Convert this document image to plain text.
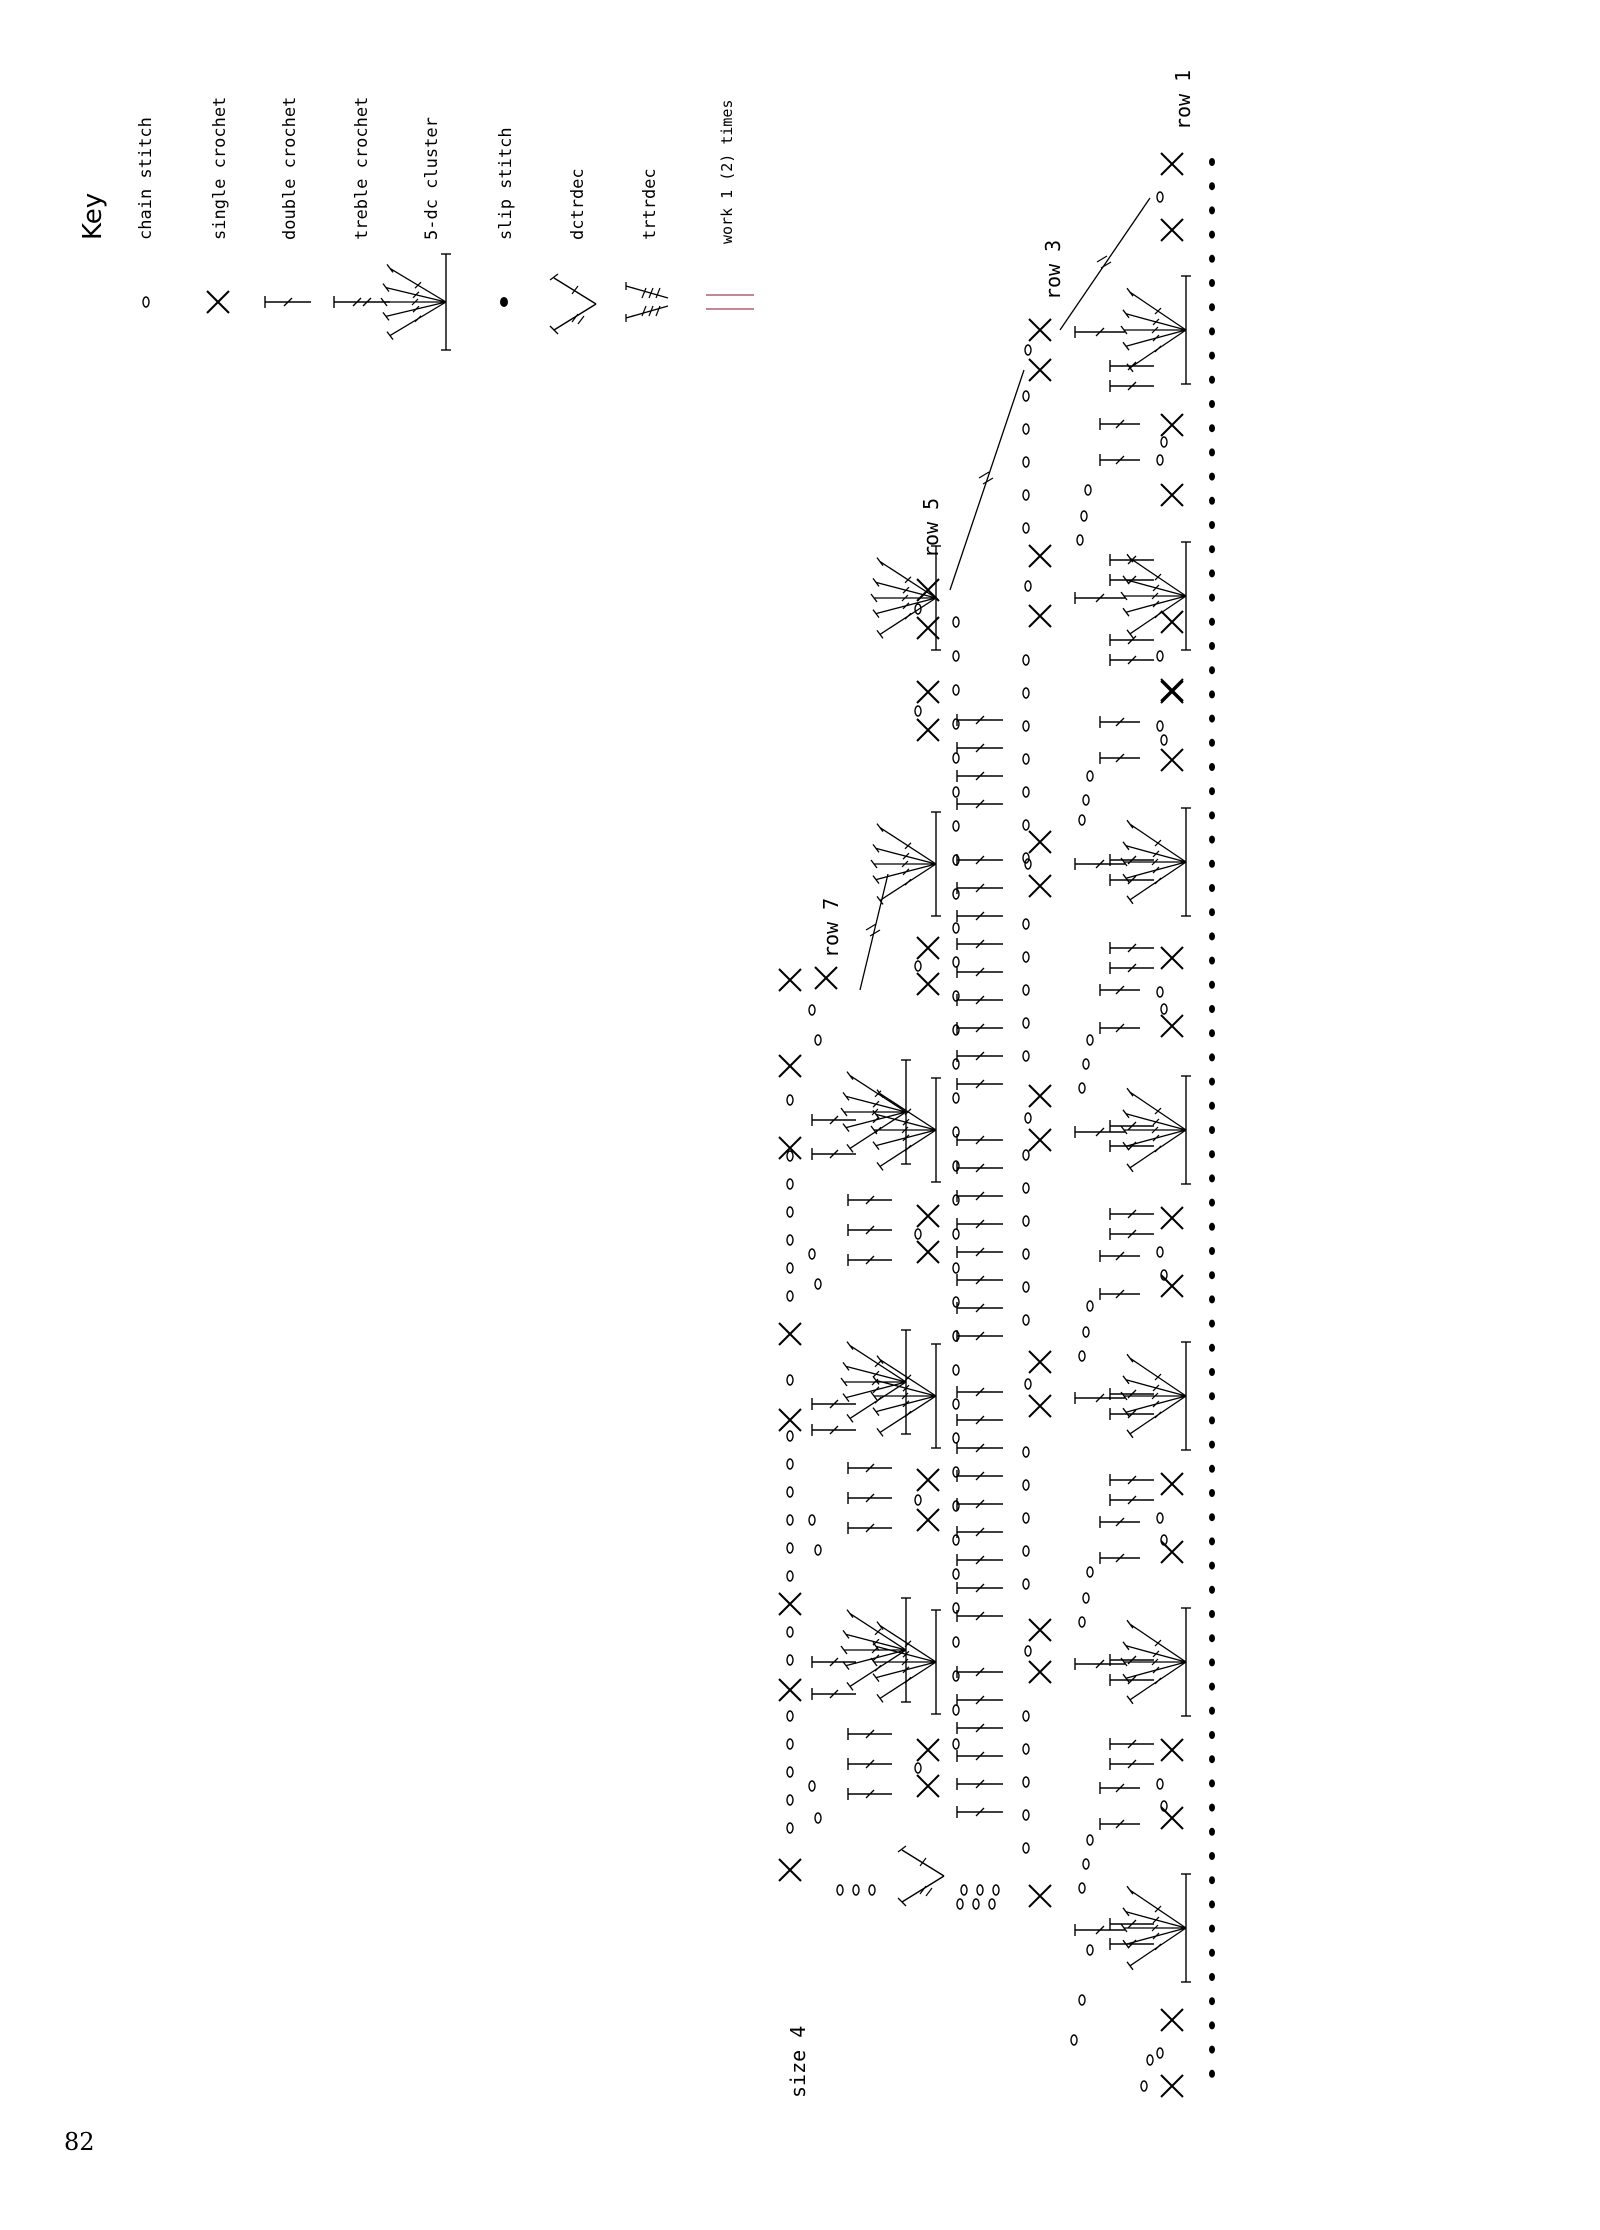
Key chain stitch	single crochet	double crochet	treble crochet	5-dc cluster	slip stitch	dctrdec	trtrdec	work 1 (2) times
82
size 4
row 1
row 3
row 5
row 7
